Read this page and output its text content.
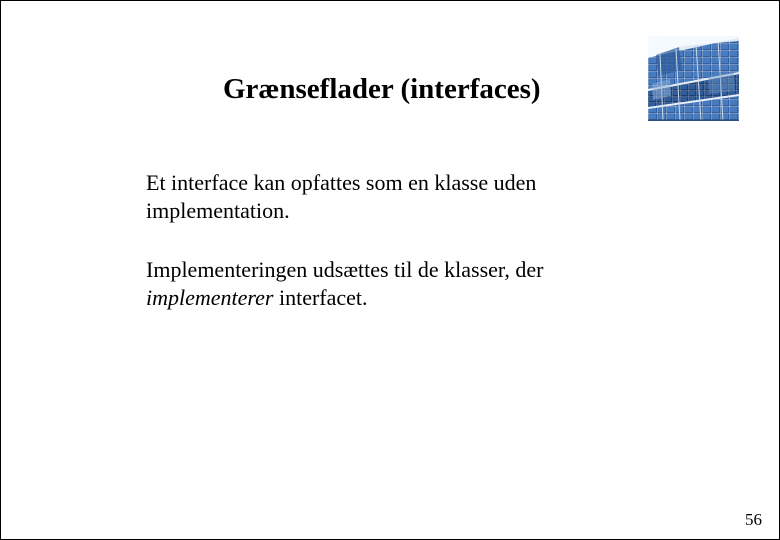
Grænseflader (interfaces)
Et interface kan opfattes som en klasse uden
implementation.
Implementeringen udsættes til de klasser, der
implementerer interfacet.
56
